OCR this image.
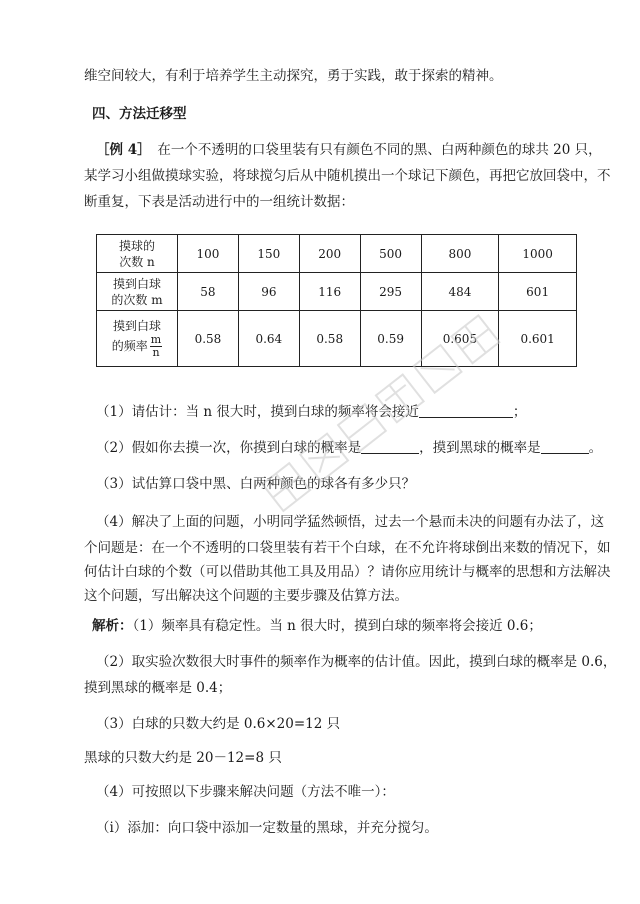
维空间较大，有利于培养学生主动探究，勇于实践，敢于探索的精神。
四、方法迁移型
［例 4］　在一个不透明的口袋里装有只有颜色不同的黑、白两种颜色的球共 20 只，
某学习小组做摸球实验，将球搅匀后从中随机摸出一个球记下颜色，再把它放回袋中，不
断重复，下表是活动进行中的一组统计数据：
摸球的
次数 n	100	150	200	500	800	1000

摸到白球
的次数 m	58	96	116	295	484	601

摸到白球
的频率 $\frac{m}{n}$	0.58	0.64	0.58	0.59	0.605	0.601
（1）请估计：当 n 很大时，摸到白球的频率将会接近	；
（2）假如你去摸一次，你摸到白球的概率是	，摸到黑球的概率是	。
（3）试估算口袋中黑、白两种颜色的球各有多少只？
（4）解决了上面的问题，小明同学猛然顿悟，过去一个悬而未决的问题有办法了，这
个问题是：在一个不透明的口袋里装有若干个白球，在不允许将球倒出来数的情况下，如
何估计白球的个数（可以借助其他工具及用品）？请你应用统计与概率的思想和方法解决
这个问题，写出解决这个问题的主要步骤及估算方法。
解析：（1）频率具有稳定性。当 n 很大时，摸到白球的频率将会接近 0.6；
（2）取实验次数很大时事件的频率作为概率的估计值。因此，摸到白球的概率是 0.6，
摸到黑球的概率是 0.4；
（3）白球的只数大约是 0.6×20=12 只
黑球的只数大约是 20－12=8 只
（4）可按照以下步骤来解决问题（方法不唯一）：
（ⅰ）添加：向口袋中添加一定数量的黑球，并充分搅匀。
